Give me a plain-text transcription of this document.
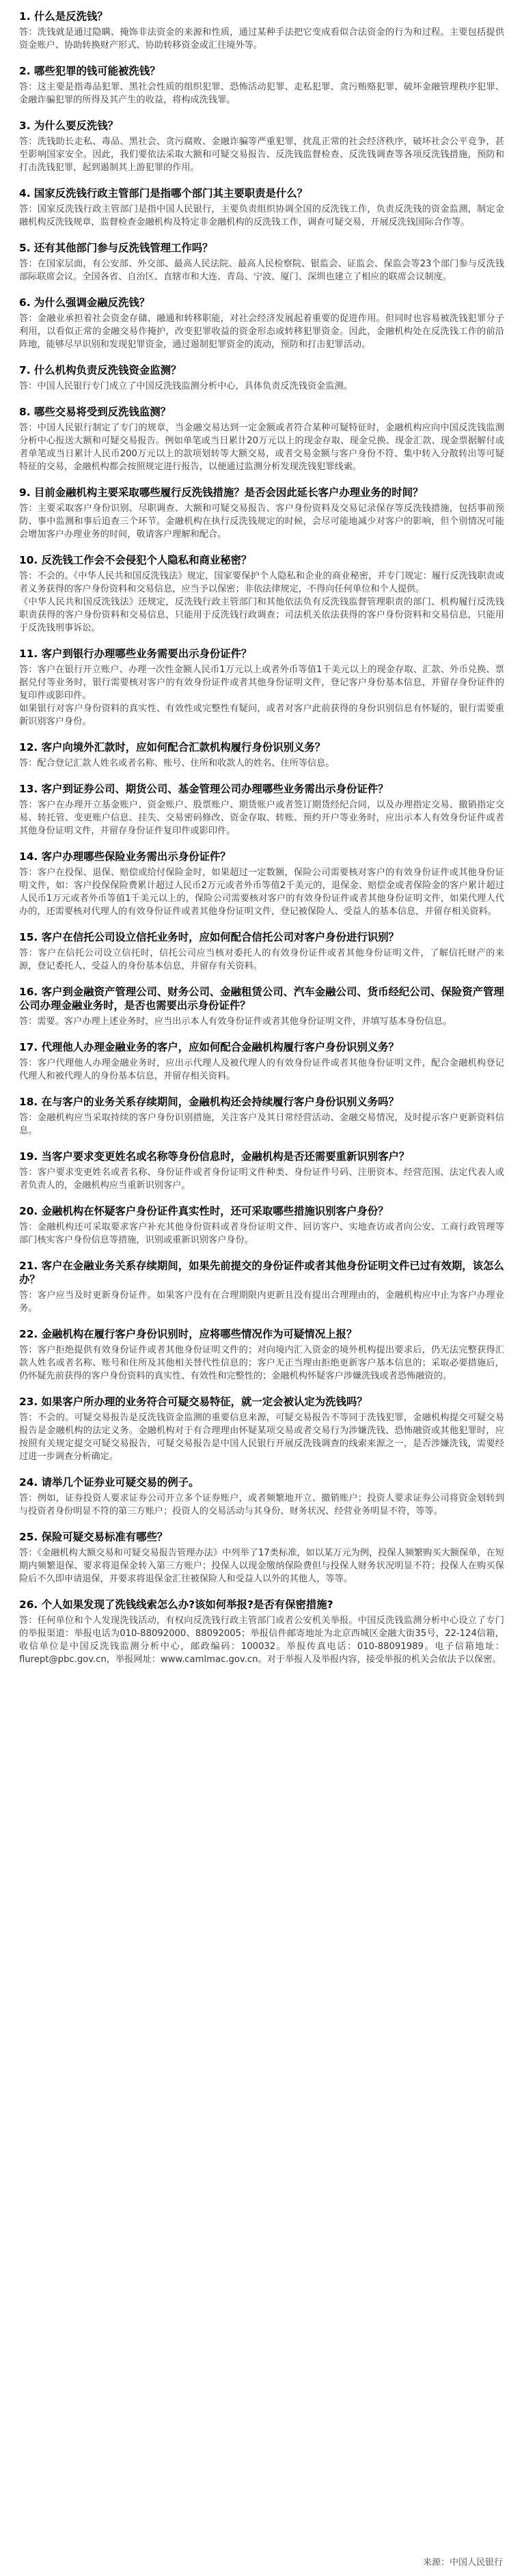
1. 什么是反洗钱？

答：洗钱就是通过隐瞒、掩饰非法资金的来源和性质，通过某种手法把它变成看似合法资金的行为和过程。主要包括提供资金账户、协助转换财产形式、协助转移资金或汇往境外等。

2. 哪些犯罪的钱可能被洗钱？

答：这主要是指毒品犯罪、黑社会性质的组织犯罪、恐怖活动犯罪、走私犯罪、贪污贿赂犯罪、破坏金融管理秩序犯罪、金融诈骗犯罪的所得及其产生的收益，将构成洗钱罪。

3. 为什么要反洗钱？

答：洗钱助长走私、毒品、黑社会、贪污腐败、金融诈骗等严重犯罪，扰乱正常的社会经济秩序，破坏社会公平竞争，甚至影响国家安全。因此，我们要依法采取大额和可疑交易报告、反洗钱监督检查、反洗钱调查等各项反洗钱措施，预防和打击洗钱犯罪，起到遏制其上游犯罪的作用。

4. 国家反洗钱行政主管部门是指哪个部门其主要职责是什么？

答：国家反洗钱行政主管部门是指中国人民银行，主要负责组织协调全国的反洗钱工作，负责反洗钱的资金监测，制定金融机构反洗钱规章，监督检查金融机构及特定非金融机构的反洗钱工作，调查可疑交易，开展反洗钱国际合作等。

5. 还有其他部门参与反洗钱管理工作吗？

答：在国家层面，有公安部、外交部、最高人民法院、最高人民检察院、银监会、证监会、保监会等23个部门参与反洗钱部际联席会议。全国各省、自治区、直辖市和大连、青岛、宁波、厦门、深圳也建立了相应的联席会议制度。

6. 为什么强调金融反洗钱？

答：金融业承担着社会资金存储、融通和转移职能，对社会经济发展起着重要的促进作用。但同时也容易被洗钱犯罪分子利用，以看似正常的金融交易作掩护，改变犯罪收益的资金形态或转移犯罪资金。因此，金融机构处在反洗钱工作的前沿阵地，能够尽早识别和发现犯罪资金，通过遏制犯罪资金的流动，预防和打击犯罪活动。

7. 什么机构负责反洗钱资金监测？

答：中国人民银行专门成立了中国反洗钱监测分析中心，具体负责反洗钱资金监测。

8. 哪些交易将受到反洗钱监测？

答：中国人民银行制定了专门的规章，当金融交易达到一定金额或者符合某种可疑特征时，金融机构应向中国反洗钱监测分析中心报送大额和可疑交易报告。例如单笔或当日累计20万元以上的现金存取、现金兑换、现金汇款、现金票据解付或者单笔或当日累计人民币200万元以上的款项划转等大额交易，或者交易金额与客户身份不符、集中转入分散转出等可疑特征的交易，金融机构都会按照规定进行报告，以便通过监测分析发现洗钱犯罪线索。

9. 目前金融机构主要采取哪些履行反洗钱措施？是否会因此延长客户办理业务的时间？

答：主要采取客户身份识别、尽职调查、大额和可疑交易报告、客户身份资料及交易记录保存等反洗钱措施，包括事前预防、事中监测和事后追查三个环节。金融机构在执行反洗钱规定的时候，会尽可能地减少对客户的影响，但个别情况可能会增加客户办理业务的时间，敬请客户理解和配合。

10. 反洗钱工作会不会侵犯个人隐私和商业秘密？

答：不会的。《中华人民共和国反洗钱法》规定，国家要保护个人隐私和企业的商业秘密，并专门规定：履行反洗钱职责或者义务获得的客户身份资料和交易信息，应当予以保密；非依法律规定，不得向任何单位和个人提供。

《中华人民共和国反洗钱法》还规定，反洗钱行政主管部门和其他依法负有反洗钱监督管理职责的部门、机构履行反洗钱职责获得的客户身份资料和交易信息，只能用于反洗钱行政调查；司法机关依法获得的客户身份资料和交易信息，只能用于反洗钱刑事诉讼。

11. 客户到银行办理哪些业务需要出示身份证件？

答：客户在银行开立账户、办理一次性金额人民币1万元以上或者外币等值1千美元以上的现金存取、汇款、外币兑换、票据兑付等业务时，银行需要核对客户的有效身份证件或者其他身份证明文件，登记客户身份基本信息，并留存身份证件的复印件或影印件。

如果银行对客户身份资料的真实性、有效性或完整性有疑问，或者对客户此前获得的身份识别信息有怀疑的，银行需要重新识别客户身份。

12. 客户向境外汇款时，应如何配合汇款机构履行身份识别义务？

答：配合登记汇款人姓名或者名称、账号、住所和收款人的姓名、住所等信息。

13. 客户到证券公司、期货公司、基金管理公司办理哪些业务需出示身份证件？

答：客户在办理开立基金账户、资金账户、股票账户、期货账户或者签订期货经纪合同，以及办理指定交易、撤销指定交易、转托管、变更账户信息、挂失、交易密码修改、资金存取、转账、预约开户等业务时，应出示本人有效身份证件或者其他身份证明文件，并留存身份证件复印件或影印件。

14. 客户办理哪些保险业务需出示身份证件？

答：客户在投保、退保、赔偿或给付保险金时，如果超过一定数额，保险公司需要核对客户的有效身份证件或其他身份证明文件，如：客户投保保险费累计超过人民币2万元或者外币等值2千美元的，退保金、赔偿金或者保险金的客户累计超过人民币1万元或者外币等值1千美元以上的，保险公司需要核对客户的有效身份证件或者其他身份证明文件，如果代理人代办的，还需要核对代理人的有效身份证件或者其他身份证明文件，登记被保险人、受益人的基本信息，并留存相关资料。

15. 客户在信托公司设立信托业务时，应如何配合信托公司对客户身份进行识别？

答：客户在信托公司设立信托时，信托公司应当核对委托人的有效身份证件或者其他身份证明文件，了解信托财产的来源，登记委托人、受益人的身份基本信息，并留存有关资料。

16. 客户到金融资产管理公司、财务公司、金融租赁公司、汽车金融公司、货币经纪公司、保险资产管理公司办理金融业务时，是否也需要出示身份证件？

答：需要。客户办理上述业务时，应当出示本人有效身份证件或者其他身份证明文件，并填写基本身份信息。

17. 代理他人办理金融业务的客户，应如何配合金融机构履行客户身份识别义务？

答：客户代理他人办理金融业务时，应出示代理人及被代理人的有效身份证件或者其他身份证明文件，配合金融机构登记代理人和被代理人的身份基本信息，并留存相关资料。

18. 在与客户的业务关系存续期间，金融机构还会持续履行客户身份识别义务吗？

答：金融机构应当采取持续的客户身份识别措施，关注客户及其日常经营活动、金融交易情况，及时提示客户更新资料信息。

19. 当客户要求变更姓名或名称等身份信息时，金融机构是否还需要重新识别客户？

答：客户要求变更姓名或者名称、身份证件或者身份证明文件种类、身份证件号码、注册资本、经营范围、法定代表人或者负责人的，金融机构应当重新识别客户。

20. 金融机构在怀疑客户身份证件真实性时，还可采取哪些措施识别客户身份？

答：金融机构还可采取要求客户补充其他身份资料或者身份证明文件、回访客户、实地查访或者向公安、工商行政管理等部门核实客户身份信息等措施，识别或重新识别客户身份。

21. 客户在金融业务关系存续期间，如果先前提交的身份证件或者其他身份证明文件已过有效期，该怎么办？

答：客户应当及时更新身份证件。如果客户没有在合理期限内更新且没有提出合理理由的，金融机构应中止为客户办理业务。

22. 金融机构在履行客户身份识别时，应将哪些情况作为可疑情况上报？

答：客户拒绝提供有效身份证件或者其他身份证明文件的；对向境内汇入资金的境外机构提出要求后，仍无法完整获得汇款人姓名或者名称、账号和住所及其他相关替代性信息的；客户无正当理由拒绝更新客户基本信息的；采取必要措施后，仍怀疑先前获得的客户身份资料的真实性、有效性和完整性的；金融机构怀疑客户涉嫌洗钱或者恐怖融资的。

23. 如果客户所办理的业务符合可疑交易特征，就一定会被认定为洗钱吗？

答：不会的。可疑交易报告是反洗钱资金监测的重要信息来源，可疑交易报告不等同于洗钱犯罪，金融机构提交可疑交易报告是金融机构的法定义务。金融机构对于有合理理由怀疑某项交易或者交易行为涉嫌洗钱、恐怖融资或其他犯罪时，应按照有关规定提交可疑交易报告，可疑交易报告是中国人民银行开展反洗钱调查的线索来源之一，是否涉嫌洗钱，需要经过进一步调查分析确定。

24. 请举几个证券业可疑交易的例子。

答：例如，证券投资人要求证券公司开立多个证券账户，或者频繁地开立、撤销账户；投资人要求证券公司将资金划转到与投资者身份明显不符的第三方账户；投资人的交易活动与其身份、财务状况、经营业务明显不符，等等。

25. 保险可疑交易标准有哪些？

答：《金融机构大额交易和可疑交易报告管理办法》中列举了17类标准，如以某万元为例，投保人频繁购买大额保单，在短期内频繁退保、要求将退保金转入第三方账户；投保人以现金缴纳保险费但与投保人财务状况明显不符；投保人在购买保险后不久即申请退保，并要求将退保金汇往被保险人和受益人以外的其他人，等等。

26. 个人如果发现了洗钱线索怎么办?该如何举报?是否有保密措施?

答：任何单位和个人发现洗钱活动，有权向反洗钱行政主管部门或者公安机关举报。中国反洗钱监测分析中心设立了专门的举报渠道：举报电话为010-88092000、88092005；举报信件邮寄地址为北京西城区金融大街35号，22-124信箱，收信单位是中国反洗钱监测分析中心，邮政编码：100032。举报传真电话：010-88091989。电子信箱地址：flurept@pbc.gov.cn，举报网址：www.camlmac.gov.cn。对于举报人及举报内容，接受举报的机关会依法予以保密。

来源：中国人民银行
